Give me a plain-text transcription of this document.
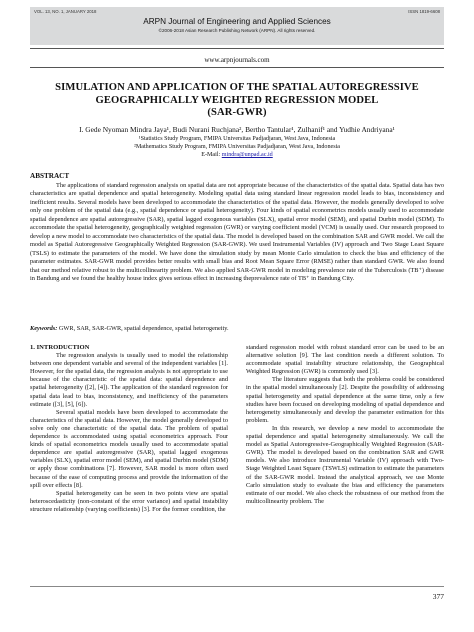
VOL. 13, NO. 1, JANUARY 2018	ISSN 1819-6608
ARPN Journal of Engineering and Applied Sciences
©2006-2018 Asian Research Publishing Network (ARPN). All rights reserved.
www.arpnjournals.com
SIMULATION AND APPLICATION OF THE SPATIAL AUTOREGRESSIVE
GEOGRAPHICALLY WEIGHTED REGRESSION MODEL
(SAR-GWR)
I. Gede Nyoman Mindra Jaya¹, Budi Nurani Ruchjana², Bertho Tantular¹, Zulhanif¹ and Yudhie Andriyana¹
¹Statistics Study Program, FMIPA Universitas Padjadjaran, West Java, Indonesia
²Mathematics Study Program, FMIPA Universitas Padjadjaran, West Java, Indonesia
E-Mail: mindra@unpad.ac.id
ABSTRACT
The applications of standard regression analysis on spatial data are not appropriate because of the characteristics of the spatial data. Spatial data has two characteristics are spatial dependence and spatial heterogeneity. Modeling spatial data using standard linear regression model leads to bias, inconsistency and inefficient results. Several models have been developed to accommodate the characteristics of the spatial data. However, the models generally developed to solve only one problem of the spatial data (e.g., spatial dependence or spatial heterogeneity). Four kinds of spatial econometrics models usually used to accommodate spatial dependence are spatial autoregressive (SAR), spatial lagged exogenous variables (SLX), spatial error model (SEM), and spatial Durbin model (SDM). To accommodate the spatial heterogeneity, geographically weighted regression (GWR) or varying coefficient model (VCM) is usually used. Our research proposed to develop a new model to accommodate two characteristics of the spatial data. The model is developed based on the combination SAR and GWR model. We call the model as Spatial Autoregressive Geographically Weighted Regression (SAR-GWR). We used Instrumental Variables (IV) approach and Two Stage Least Square (TSLS) to estimate the parameters of the model. We have done the simulation study by mean Monte Carlo simulation to check the bias and efficiency of the parameter estimates. SAR-GWR model provides better results with small bias and Root Mean Square Error (RMSE) rather than standard GWR. We also found that our method relative robust to the multicollinearity problem. We also applied SAR-GWR model in modeling prevalence rate of the Tuberculosis (TB⁺) disease in Bandung and we found the healthy house index gives serious effect in increasing theprevalence rate of TB⁺ in Bandung City.
Keywords: GWR, SAR, SAR-GWR, spatial dependence, spatial heterogeneity.

1. INTRODUCTION

The regression analysis is usually used to model the relationship between one dependent variable and several of the independent variables [1]. However, for the spatial data, the regression analysis is not appropriate to use because of the characteristic of the spatial data: spatial dependence and spatial heterogeneity ([2], [4]). The application of the standard regression for spatial data lead to bias, inconsistency, and inefficiency of the parameters estimate ([3], [5], [6]).

Several spatial models have been developed to accommodate the characteristics of the spatial data. However, the model generally developed to solve only one characteristic of the spatial data. The problem of spatial dependence is accommodated using spatial econometrics approach. Four kinds of spatial econometrics models usually used to accommodate spatial dependence are spatial autoregressive (SAR), spatial lagged exogenous variables (SLX), spatial error model (SEM), and spatial Durbin model (SDM) or apply those combinations [7]. However, SAR model is more often used because of the ease of computing process and provide the information of the spill over effects [8].

Spatial heterogeneity can be seen in two points view are spatial heteroscedasticity (non-constant of the error variance) and spatial instability structure relationship (varying coefficients) [3]. For the former condition, the

standard regression model with robust standard error can be used to be an alternative solution [9]. The last condition needs a different solution. To accommodate spatial instability structure relationship, the Geographical Weighted Regression (GWR) is commonly used [3].

The literature suggests that both the problems could be considered in the spatial model simultaneously [2]. Despite the possibility of addressing spatial heterogeneity and spatial dependence at the same time, only a few studies have been focused on developing modeling of spatial dependence and heterogeneity simultaneously and develop the parameter estimation for this problem.

In this research, we develop a new model to accommodate the spatial dependence and spatial heterogeneity simultaneously. We call the model as Spatial Autoregressive-Geographically Weighted Regression (SAR-GWR). The model is developed based on the combination SAR and GWR models. We also introduce Instrumental Variable (IV) approach with Two-Stage Weighted Least Square (TSWLS) estimation to estimate the parameters of the SAR-GWR model. Instead the analytical approach, we use Monte Carlo simulation study to evaluate the bias and efficiency the parameters estimate of our model. We also check the robustness of our method from the multicollinearity problem. The

377
